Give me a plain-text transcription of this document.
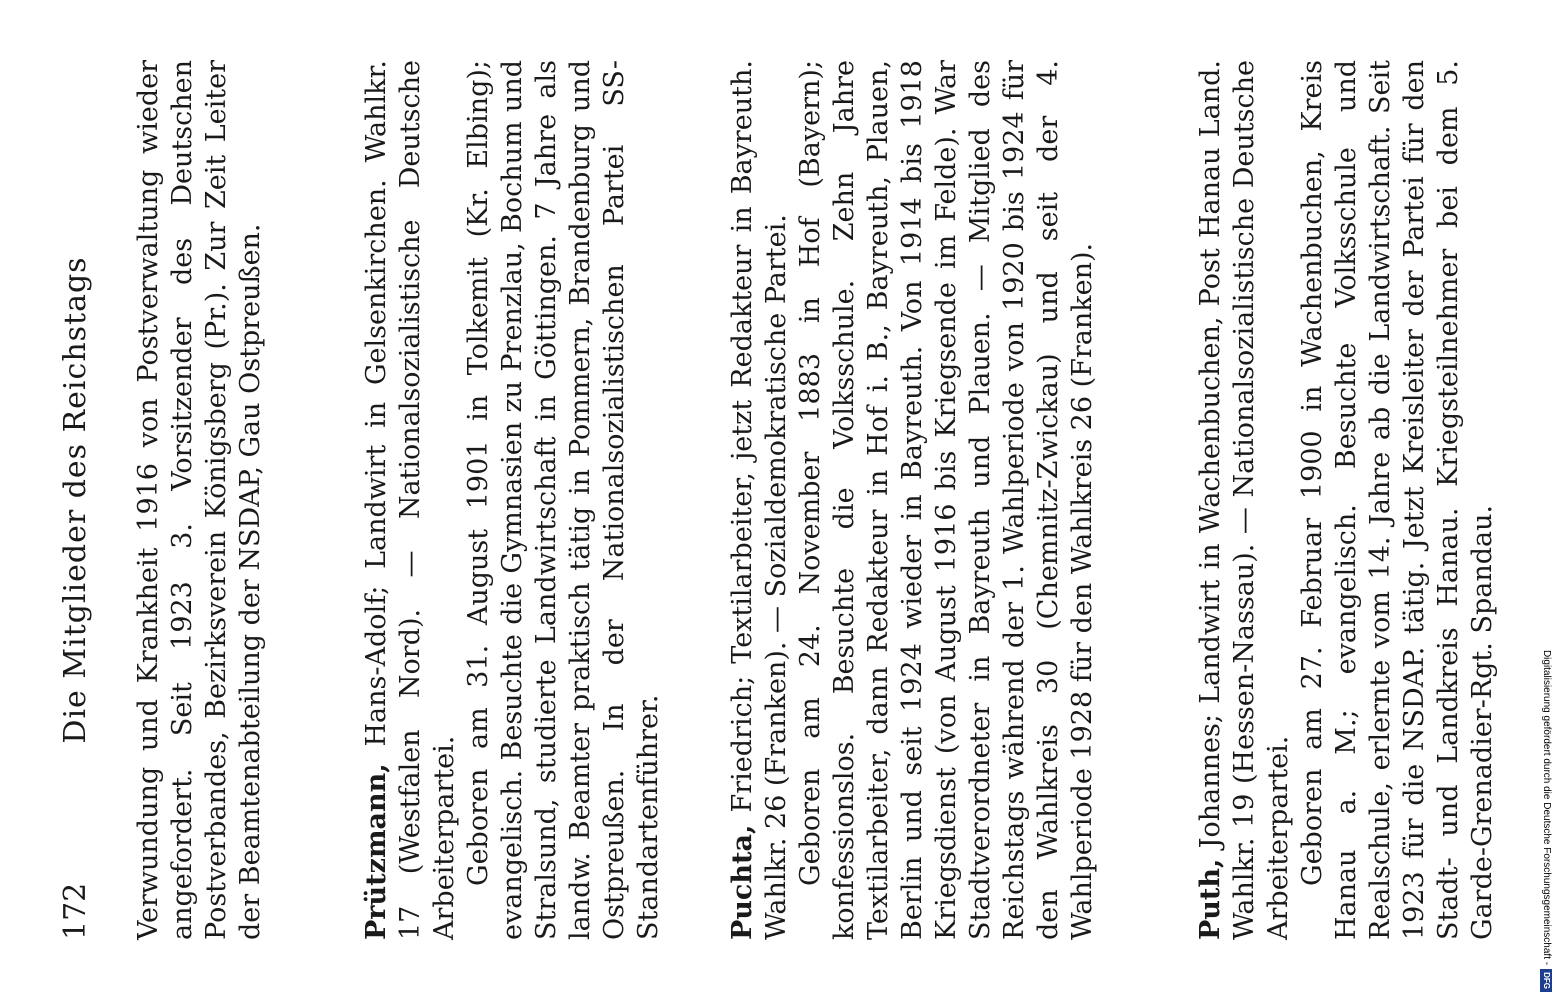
172
Die Mitglieder des Reichstags Verwundung und Krankheit 1916 von Postverwaltung wieder angefordert. Seit 1923 3. Vorsitzender des Deutschen Postverbandes, Bezirksverein Königsberg (Pr.). Zur Zeit Leiter der Beamtenabteilung der NSDAP, Gau Ostpreußen.	Prützmann, Hans-Adolf; Landwirt in Gelsenkirchen. Wahlkr. 17 (Westfalen Nord). — Nationalsozialistische Deutsche Arbeiterpartei. Geboren am 31. August 1901 in Tolkemit (Kr. Elbing); evangelisch. Besuchte die Gymnasien zu Prenzlau, Bochum und Stralsund, studierte Landwirtschaft in Göttingen. 7 Jahre als landw. Beamter praktisch tätig in Pommern, Brandenburg und Ostpreußen. In der Nationalsozialistischen Partei SS-Standartenführer. Puchta, Friedrich; Textilarbeiter, jetzt Redakteur in Bayreuth. Wahlkr. 26 (Franken). — Sozialdemokratische Partei. Geboren am 24. November 1883 in Hof (Bayern); konfessionslos. Besuchte die Volksschule. Zehn Jahre Textilarbeiter, dann Redakteur in Hof i. B., Bayreuth, Plauen, Berlin und seit 1924 wieder in Bayreuth. Von 1914 bis 1918 Kriegsdienst (von August 1916 bis Kriegsende im Felde). War Stadtverordneter in Bayreuth und Plauen. — Mitglied des Reichstags während der 1. Wahlperiode von 1920 bis 1924 für den Wahlkreis 30 (Chemnitz-Zwickau) und seit der 4. Wahlperiode 1928 für den Wahlkreis 26 (Franken).	Puth, Johannes; Landwirt in Wachenbuchen, Post Hanau Land. Wahlkr. 19 (Hessen-Nassau). — Nationalsozialistische Deutsche Arbeiterpartei. Geboren am 27. Februar 1900 in Wachenbuchen, Kreis Hanau a. M.; evangelisch. Besuchte Volksschule und Realschule, erlernte vom 14. Jahre ab die Landwirtschaft. Seit 1923 für die NSDAP. tätig. Jetzt Kreisleiter der Partei für den Stadt- und Landkreis Hanau. Kriegsteilnehmer bei dem 5. Garde-Grenadier-Rgt. Spandau.	Digitalisierung gefördert durch die Deutsche Forschungsgemeinschaft -
DFG
